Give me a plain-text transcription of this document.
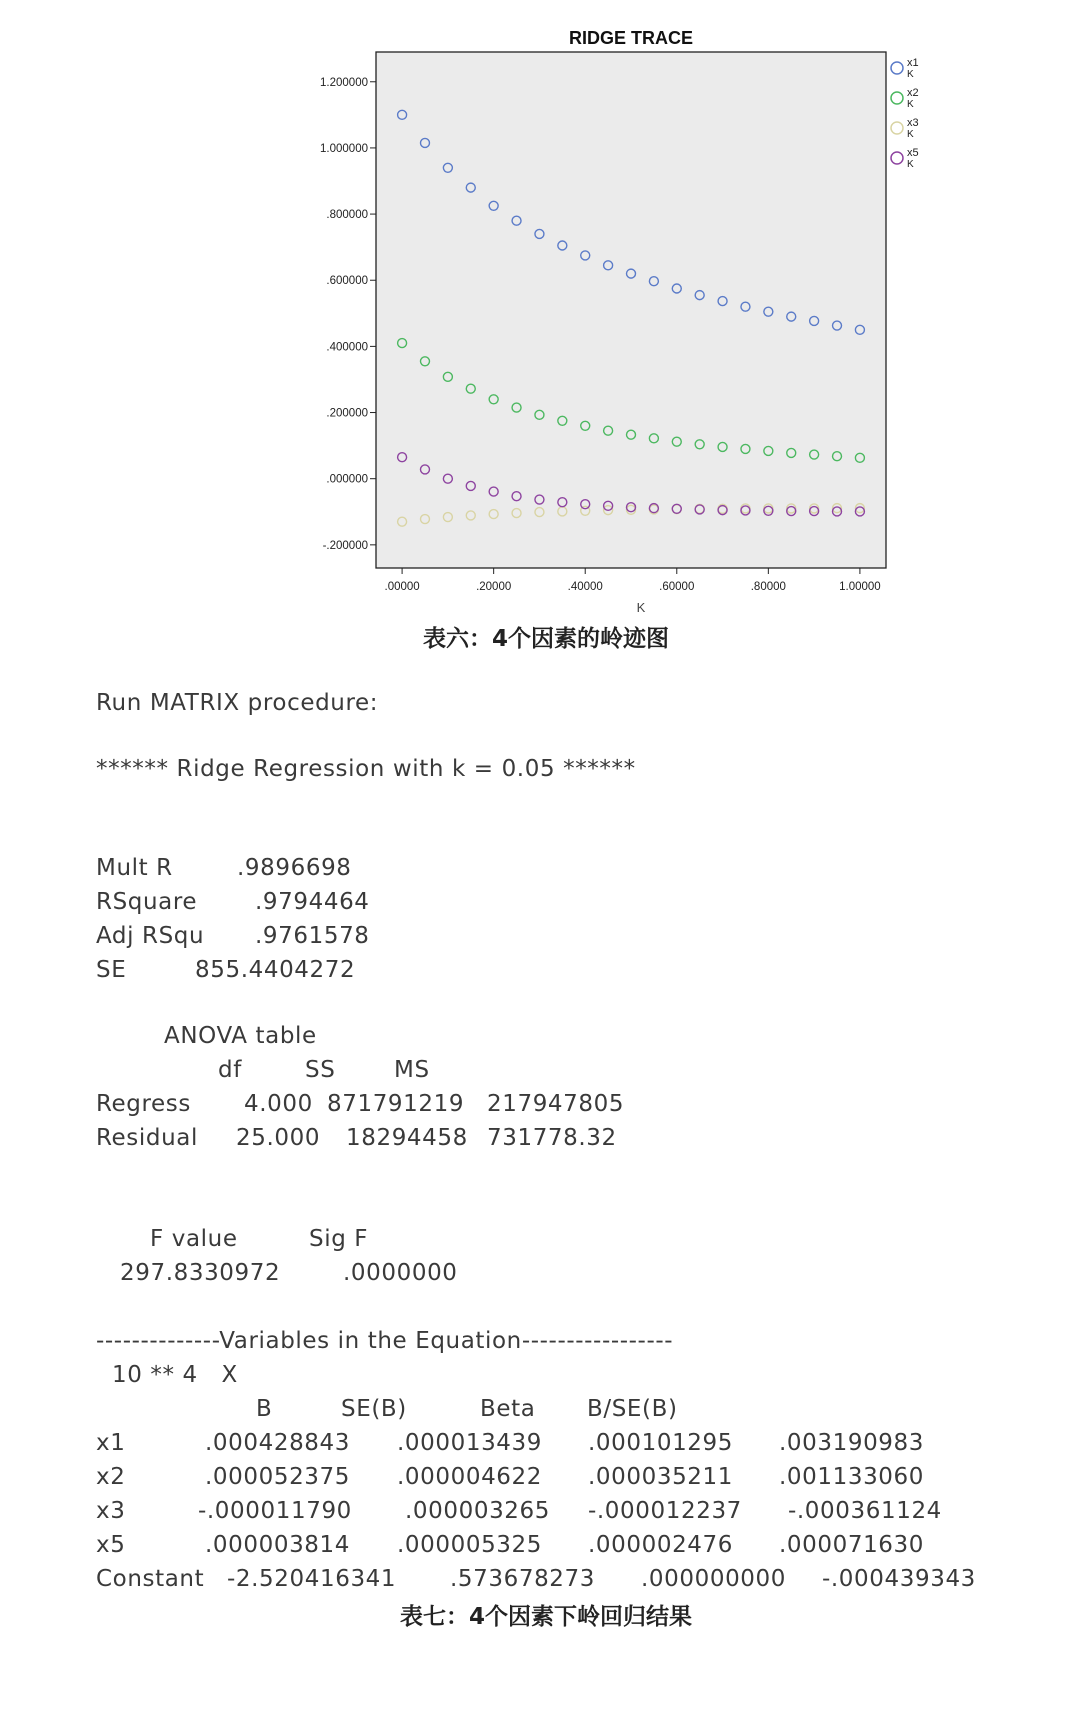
RIDGE TRACE
1.200000
1.000000
.800000
.600000
.400000
.200000
.000000
-.200000
.00000	.20000	.40000	.60000	.80000	1.00000
K
x1
K
x2
K
x3
K
x5
K
表六：4个因素的岭迹图
Run MATRIX procedure:
****** Ridge Regression with k = 0.05 ******
Mult R	.9896698
RSquare	.9794464
Adj RSqu .9761578
SE	855.4404272
ANOVA table
df	SS	MS
Regress 4.000 871791219 217947805
Residual 25.000 18294458 731778.32
F value	Sig F
297.8330972	.0000000
--------------Variables in the Equation-----------------
10 ** 4   X
B	SE(B)	Beta B/SE(B)
x1	.000428843 .000013439 .000101295 .003190983
x2	.000052375 .000004622 .000035211 .001133060
x3	-.000011790 .000003265 -.000012237 -.000361124
x5	.000003814 .000005325 .000002476 .000071630
Constant -2.520416341 .573678273 .000000000 -.000439343
表七：4个因素下岭回归结果
